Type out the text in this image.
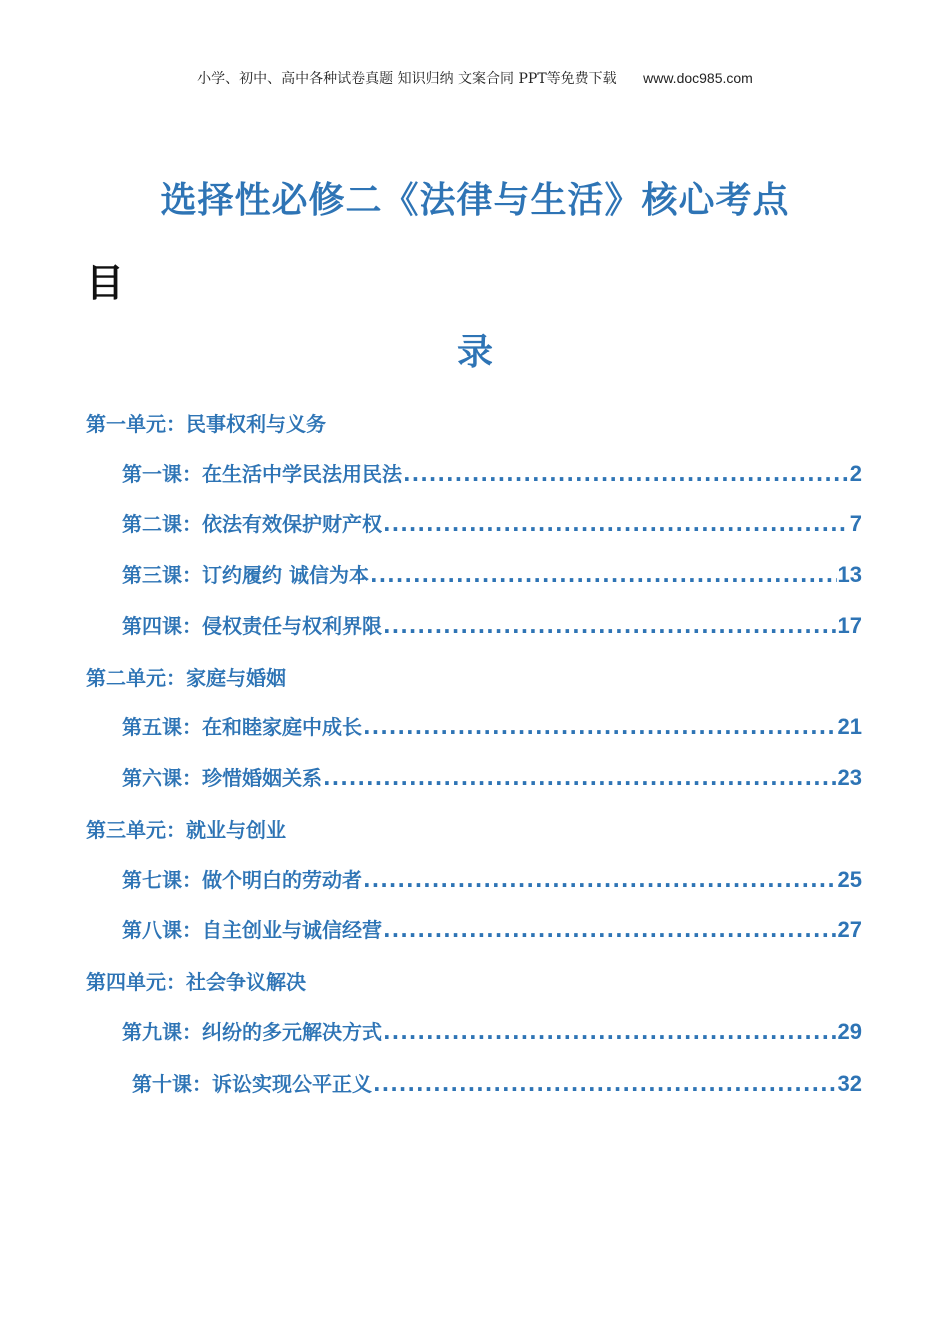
小学、初中、高中各种试卷真题 知识归纳 文案合同 PPT等免费下载 www.doc985.com
选择性必修二《法律与生活》核心考点
目
录
第一单元：民事权利与义务
第一课：在生活中学民法用民法 .....	2
第二课：依法有效保护财产权 .....	7
第三课：订约履约 诚信为本 .....	13
第四课：侵权责任与权利界限 .....	17
第二单元：家庭与婚姻
第五课：在和睦家庭中成长 .....	21
第六课：珍惜婚姻关系 .....	23
第三单元：就业与创业
第七课：做个明白的劳动者 .....	25
第八课：自主创业与诚信经营 .....	27
第四单元：社会争议解决
第九课：纠纷的多元解决方式 .....	29
第十课：诉讼实现公平正义 .....	32
